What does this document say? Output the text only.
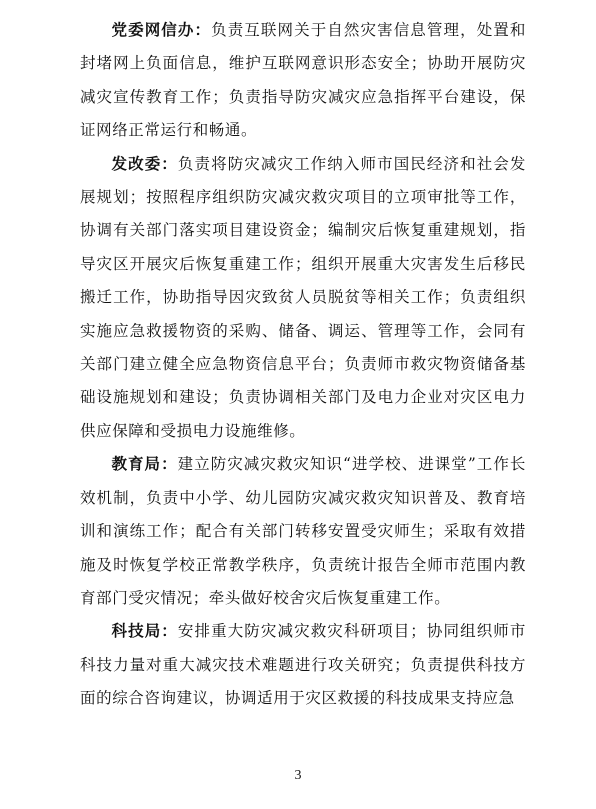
党委网信办：负责互联网关于自然灾害信息管理，处置和封堵网上负面信息，维护互联网意识形态安全；协助开展防灾减灾宣传教育工作；负责指导防灾减灾应急指挥平台建设，保证网络正常运行和畅通。

发改委：负责将防灾减灾工作纳入师市国民经济和社会发展规划；按照程序组织防灾减灾救灾项目的立项审批等工作，协调有关部门落实项目建设资金；编制灾后恢复重建规划，指导灾区开展灾后恢复重建工作；组织开展重大灾害发生后移民搬迁工作，协助指导因灾致贫人员脱贫等相关工作；负责组织实施应急救援物资的采购、储备、调运、管理等工作，会同有关部门建立健全应急物资信息平台；负责师市救灾物资储备基础设施规划和建设；负责协调相关部门及电力企业对灾区电力供应保障和受损电力设施维修。

教育局：建立防灾减灾救灾知识“进学校、进课堂”工作长效机制，负责中小学、幼儿园防灾减灾救灾知识普及、教育培训和演练工作；配合有关部门转移安置受灾师生；采取有效措施及时恢复学校正常教学秩序，负责统计报告全师市范围内教育部门受灾情况；牵头做好校舍灾后恢复重建工作。

科技局：安排重大防灾减灾救灾科研项目；协同组织师市科技力量对重大减灾技术难题进行攻关研究；负责提供科技方面的综合咨询建议，协调适用于灾区救援的科技成果支持应急

3
